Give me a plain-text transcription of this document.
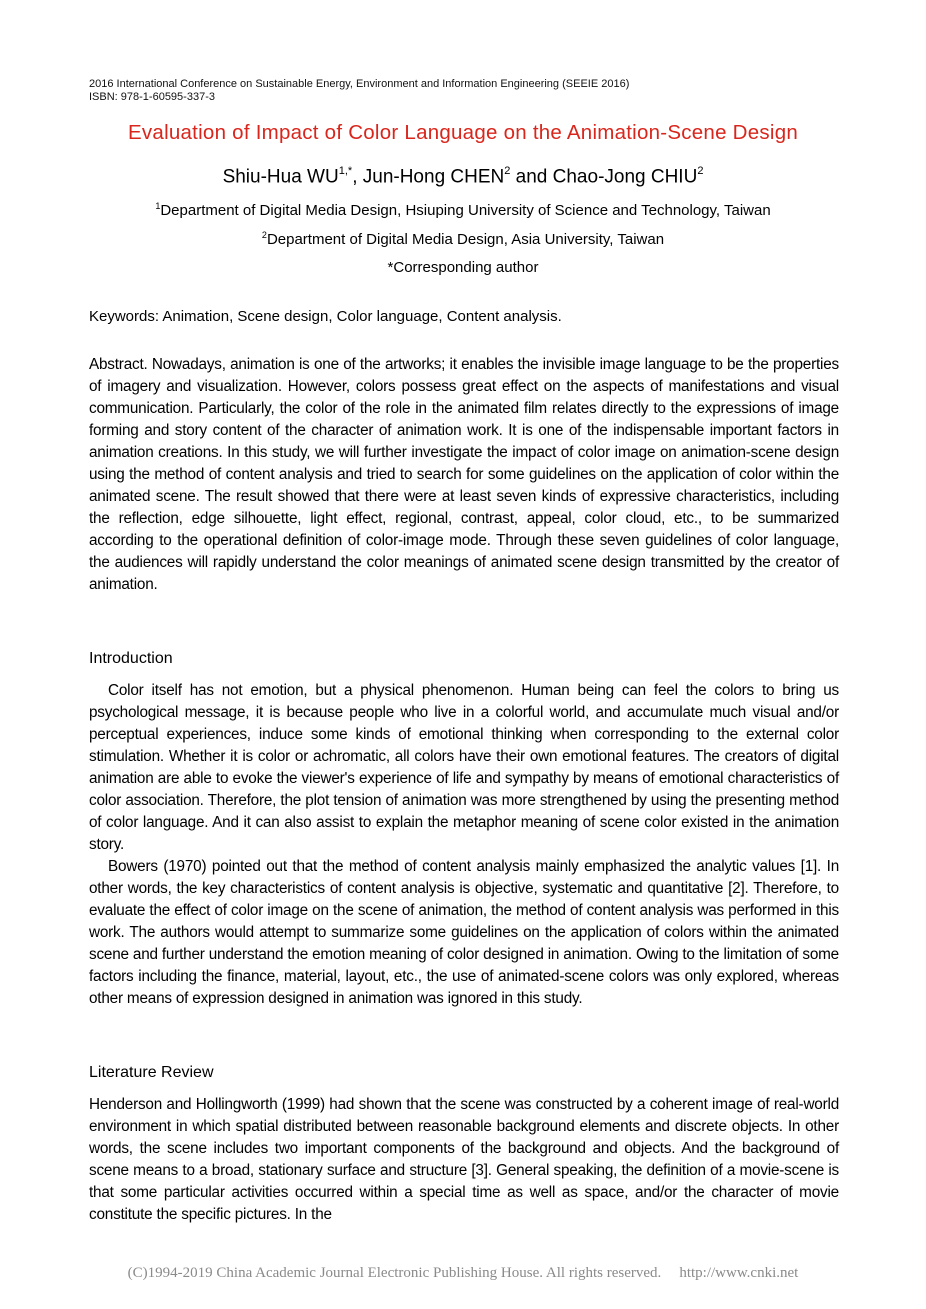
2016 International Conference on Sustainable Energy, Environment and Information Engineering (SEEIE 2016)
ISBN: 978-1-60595-337-3
Evaluation of Impact of Color Language on the Animation-Scene Design
Shiu-Hua $WU^{1,*}$, Jun-Hong CHEN$^2$ and Chao-Jong CHIU$^2$
$^1$Department of Digital Media Design, Hsiuping University of Science and Technology, Taiwan
$^2$Department of Digital Media Design, Asia University, Taiwan
*Corresponding author
Keywords: Animation, Scene design, Color language, Content analysis.

Abstract. Nowadays, animation is one of the artworks; it enables the invisible image language to be the properties of imagery and visualization. However, colors possess great effect on the aspects of manifestations and visual communication. Particularly, the color of the role in the animated film relates directly to the expressions of image forming and story content of the character of animation work. It is one of the indispensable important factors in animation creations. In this study, we will further investigate the impact of color image on animation-scene design using the method of content analysis and tried to search for some guidelines on the application of color within the animated scene. The result showed that there were at least seven kinds of expressive characteristics, including the reflection, edge silhouette, light effect, regional, contrast, appeal, color cloud, etc., to be summarized according to the operational definition of color-image mode. Through these seven guidelines of color language, the audiences will rapidly understand the color meanings of animated scene design transmitted by the creator of animation.

Introduction

Color itself has not emotion, but a physical phenomenon. Human being can feel the colors to bring us psychological message, it is because people who live in a colorful world, and accumulate much visual and/or perceptual experiences, induce some kinds of emotional thinking when corresponding to the external color stimulation. Whether it is color or achromatic, all colors have their own emotional features. The creators of digital animation are able to evoke the viewer's experience of life and sympathy by means of emotional characteristics of color association. Therefore, the plot tension of animation was more strengthened by using the presenting method of color language. And it can also assist to explain the metaphor meaning of scene color existed in the animation story.

Bowers (1970) pointed out that the method of content analysis mainly emphasized the analytic values [1]. In other words, the key characteristics of content analysis is objective, systematic and quantitative [2]. Therefore, to evaluate the effect of color image on the scene of animation, the method of content analysis was performed in this work. The authors would attempt to summarize some guidelines on the application of colors within the animated scene and further understand the emotion meaning of color designed in animation. Owing to the limitation of some factors including the finance, material, layout, etc., the use of animated-scene colors was only explored, whereas other means of expression designed in animation was ignored in this study.

Literature Review

Henderson and Hollingworth (1999) had shown that the scene was constructed by a coherent image of real-world environment in which spatial distributed between reasonable background elements and discrete objects. In other words, the scene includes two important components of the background and objects. And the background of scene means to a broad, stationary surface and structure [3]. General speaking, the definition of a movie-scene is that some particular activities occurred within a special time as well as space, and/or the character of movie constitute the specific pictures. In the

(C)1994-2019 China Academic Journal Electronic Publishing House. All rights reserved. http://www.cnki.net
